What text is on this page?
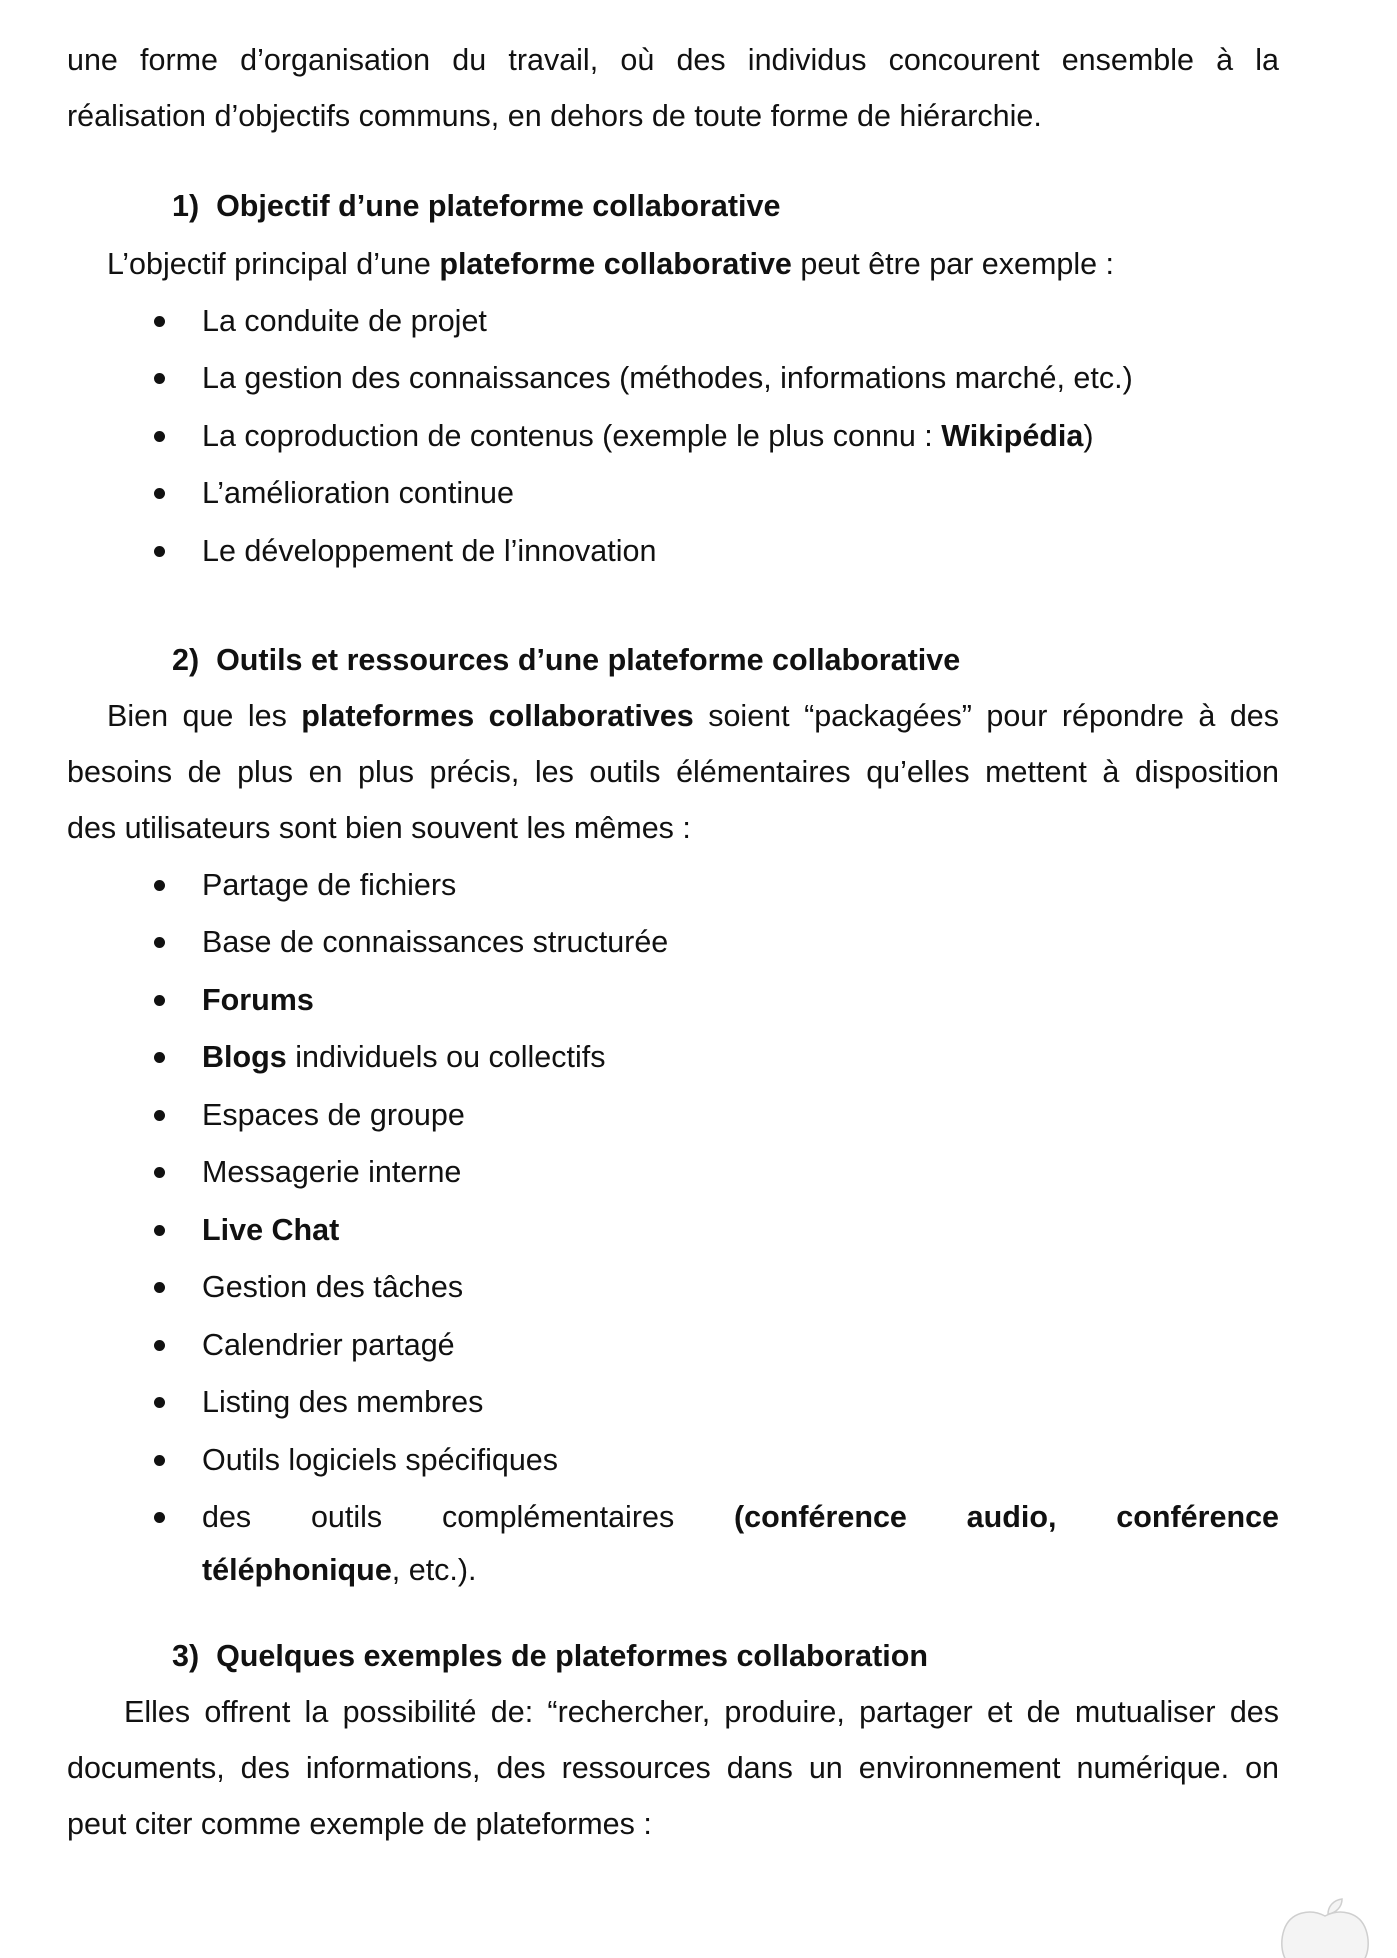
une forme d’organisation du travail, où des individus concourent ensemble à la
réalisation d’objectifs communs, en dehors de toute forme de hiérarchie.
1) Objectif d’une plateforme collaborative
L’objectif principal d’une plateforme collaborative peut être par exemple :
La conduite de projet
La gestion des connaissances (méthodes, informations marché, etc.)
La coproduction de contenus (exemple le plus connu : Wikipédia)
L’amélioration continue
Le développement de l’innovation
2) Outils et ressources d’une plateforme collaborative
Bien que les plateformes collaboratives soient “packagées” pour répondre à des
besoins de plus en plus précis, les outils élémentaires qu’elles mettent à disposition
des utilisateurs sont bien souvent les mêmes :
Partage de fichiers
Base de connaissances structurée
Forums
Blogs individuels ou collectifs
Espaces de groupe
Messagerie interne
Live Chat
Gestion des tâches
Calendrier partagé
Listing des membres
Outils logiciels spécifiques
des outils complémentaires (conférence audio, conférence
téléphonique, etc.).
3) Quelques exemples de plateformes collaboration
Elles offrent la possibilité de: “rechercher, produire, partager et de mutualiser des
documents, des informations, des ressources dans un environnement numérique. on
peut citer comme exemple de plateformes :
